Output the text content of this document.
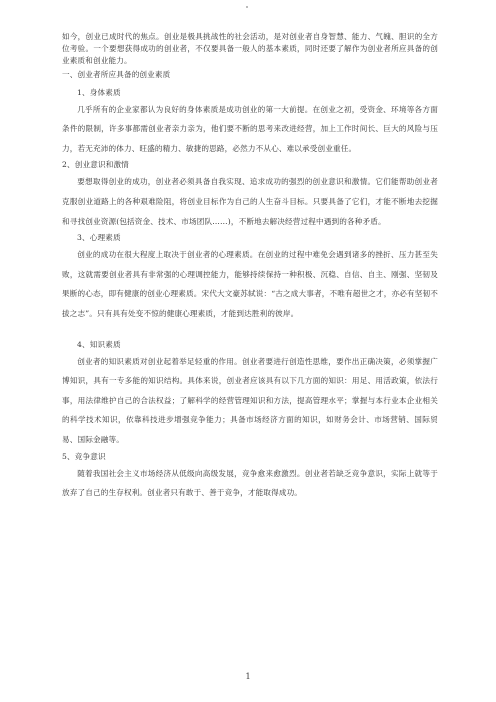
如今，创业已成时代的焦点。创业是极具挑战性的社会活动，是对创业者自身智慧、能力、气魄、胆识的全方位考验。一个要想获得成功的创业者，不仅要具备一般人的基本素质，同时还要了解作为创业者所应具备的创业素质和创业能力。

一、创业者所应具备的创业素质

1、身体素质

几乎所有的企业家都认为良好的身体素质是成功创业的第一大前提。在创业之初，受资金、环境等各方面条件的限制，许多事都需创业者亲力亲为，他们要不断的思考来改进经营，加上工作时间长、巨大的风险与压力，若无充沛的体力、旺盛的精力、敏捷的思路，必然力不从心、难以承受创业重任。

2、创业意识和激情

要想取得创业的成功，创业者必须具备自我实现、追求成功的强烈的创业意识和激情。它们能帮助创业者克服创业道路上的各种艰难险阻，将创业目标作为自己的人生奋斗目标。只要具备了它们，才能不断地去挖掘和寻找创业资源(包括资金、技术、市场团队……)，不断地去解决经营过程中遇到的各种矛盾。

3、心理素质

创业的成功在很大程度上取决于创业者的心理素质。在创业的过程中难免会遇到诸多的挫折、压力甚至失败，这就需要创业者具有非常强的心理调控能力，能够持续保持一种积极、沉稳、自信、自主、刚强、坚韧及果断的心态，即有健康的创业心理素质。宋代大文豪苏轼说：“古之成大事者，不唯有超世之才，亦必有坚韧不拔之志”。只有具有处变不惊的健康心理素质，才能到达胜利的彼岸。

4、知识素质

创业者的知识素质对创业起着举足轻重的作用。创业者要进行创造性思维，要作出正确决策，必须掌握广博知识，具有一专多能的知识结构。具体来说，创业者应该具有以下几方面的知识：用足、用活政策，依法行事，用法律维护自己的合法权益；了解科学的经营管理知识和方法，提高管理水平；掌握与本行业本企业相关的科学技术知识，依靠科技进步增强竞争能力；具备市场经济方面的知识，如财务会计、市场营销、国际贸易、国际金融等。

5、竞争意识

随着我国社会主义市场经济从低级向高级发展，竞争愈来愈激烈。创业者若缺乏竞争意识，实际上就等于放弃了自己的生存权利。创业者只有敢于、善于竞争，才能取得成功。

1
